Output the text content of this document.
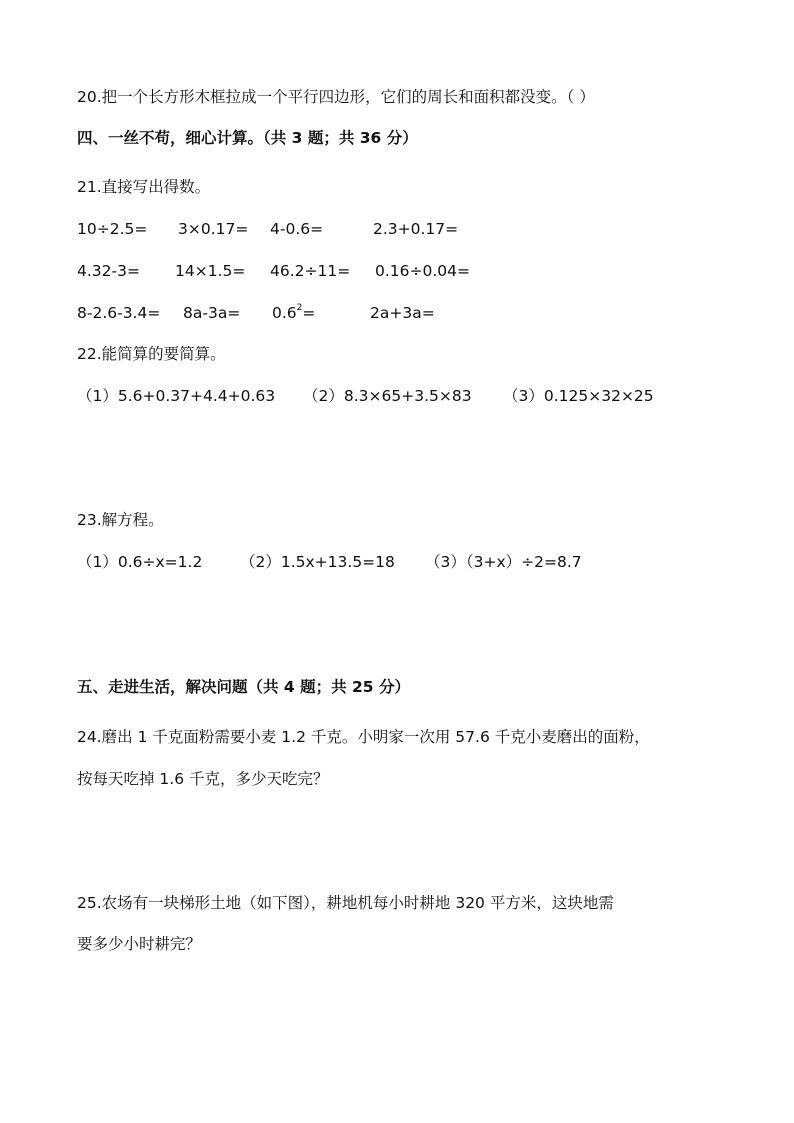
20.把一个长方形木框拉成一个平行四边形，它们的周长和面积都没变。（ ）
四、一丝不苟，细心计算。（共 3 题；共 36 分）
21.直接写出得数。
10÷2.5= 3×0.17= 4-0.6=	2.3+0.17=
4.32-3= 14×1.5= 46.2÷11= 0.16÷0.04=
$8-2.6-3.4= 8a-3a= 0.6^2=$	2a+3a=
22.能简算的要简算。
（1）5.6+0.37+4.4+0.63 （2）8.3×65+3.5×83 （3）0.125×32×25
23.解方程。
（1）0.6÷x=1.2 （2）1.5x+13.5=18 （3）（3+x）÷2=8.7
五、走进生活，解决问题（共 4 题；共 25 分）
24.磨出 1 千克面粉需要小麦 1.2 千克。小明家一次用 57.6 千克小麦磨出的面粉，
按每天吃掉 1.6 千克，多少天吃完？
25.农场有一块梯形土地（如下图），耕地机每小时耕地 320 平方米，这块地需
要多少小时耕完？
